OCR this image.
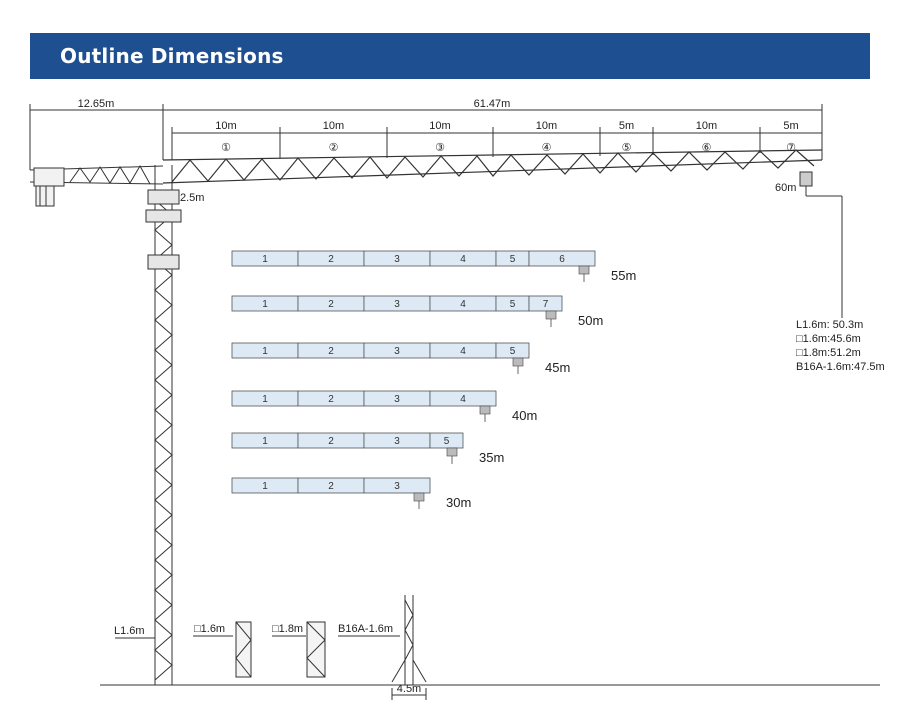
Outline Dimensions
12.65m	61.47m
10m
①
10m
②
10m
③
10m
④
5m
⑤
10m
⑥
5m
⑦
2.5m
60m
L1.6m: 50.3m
□1.6m:45.6m
□1.8m:51.2m
B16A-1.6m:47.5m
1	2	3	4	5	6
55m
1	2	3	4	5	7
50m
1	2	3	4	5
45m
1	2	3	4
40m
1	2	3	5
35m
1	2	3
30m
L1.6m	□1.6m	□1.8m	B16A-1.6m
4.5m
